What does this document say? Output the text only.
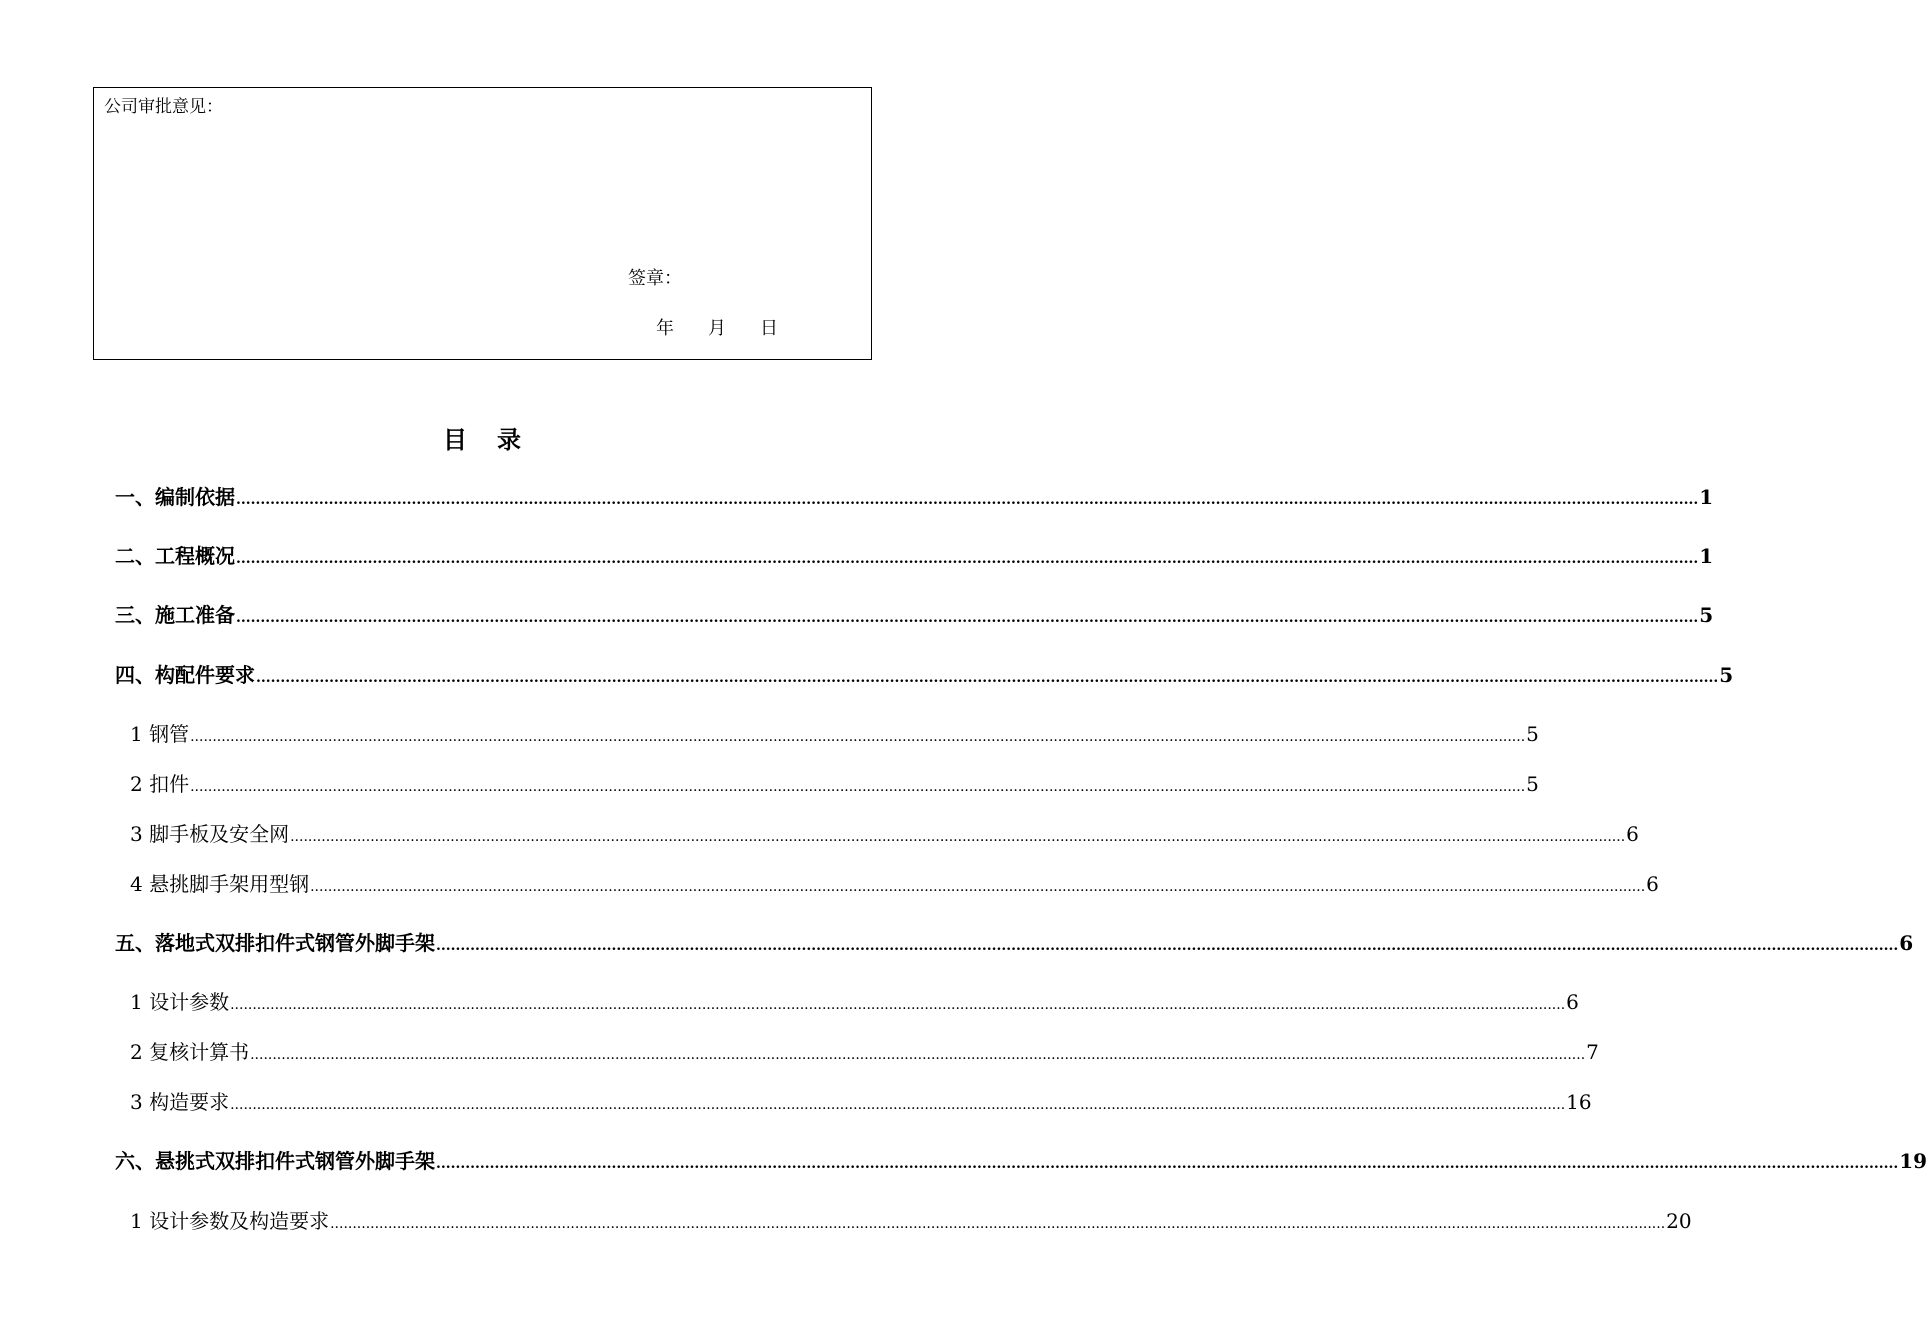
公司审批意见：
签章：
年 月 日
目录
一、编制依据 ............................................................................................................................................................................................................................................................................................................ 1
二、工程概况 ............................................................................................................................................................................................................................................................................................................ 1
三、施工准备 ............................................................................................................................................................................................................................................................................................................ 5
四、构配件要求 ............................................................................................................................................................................................................................................................................................................ 5
1 钢管 ............................................................................................................................................................................................................................................................................................................ 5
2 扣件 ............................................................................................................................................................................................................................................................................................................ 5
3 脚手板及安全网 ............................................................................................................................................................................................................................................................................................................ 6
4 悬挑脚手架用型钢 ............................................................................................................................................................................................................................................................................................................ 6
五、落地式双排扣件式钢管外脚手架 ............................................................................................................................................................................................................................................................................................................ 6
1 设计参数 ............................................................................................................................................................................................................................................................................................................ 6
2 复核计算书 ............................................................................................................................................................................................................................................................................................................ 7
3 构造要求 ............................................................................................................................................................................................................................................................................................................ 16
六、悬挑式双排扣件式钢管外脚手架 ............................................................................................................................................................................................................................................................................................................ 19
1 设计参数及构造要求 ............................................................................................................................................................................................................................................................................................................ 20
